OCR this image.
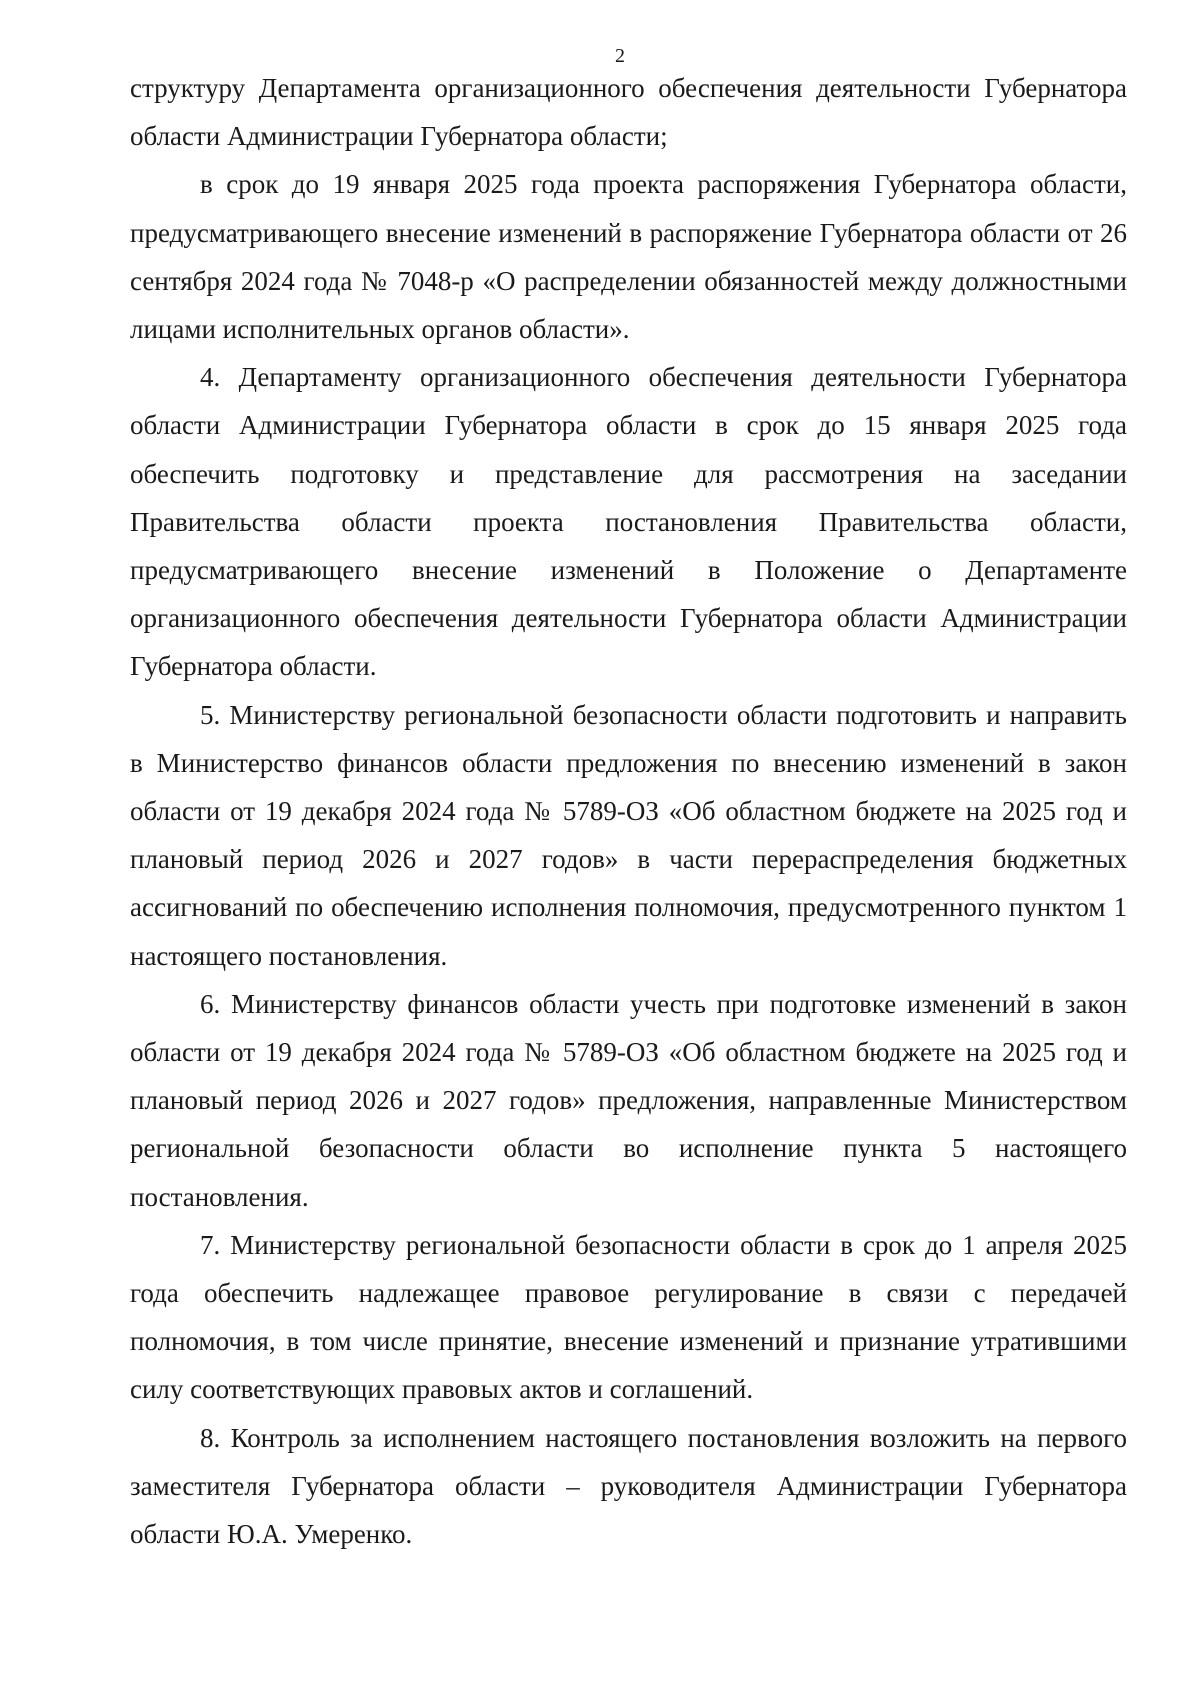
2

структуру Департамента организационного обеспечения деятельности Губернатора области Администрации Губернатора области;

в срок до 19 января 2025 года проекта распоряжения Губернатора области, предусматривающего внесение изменений в распоряжение Губернатора области от 26 сентября 2024 года № 7048-р «О распределении обязанностей между должностными лицами исполнительных органов области».

4. Департаменту организационного обеспечения деятельности Губернатора области Администрации Губернатора области в срок до 15 января 2025 года обеспечить подготовку и представление для рассмотрения на заседании Правительства области проекта постановления Правительства области, предусматривающего внесение изменений в Положение о Департаменте организационного обеспечения деятельности Губернатора области Администрации Губернатора области.

5. Министерству региональной безопасности области подготовить и направить в Министерство финансов области предложения по внесению изменений в закон области от 19 декабря 2024 года № 5789-ОЗ «Об областном бюджете на 2025 год и плановый период 2026 и 2027 годов» в части перераспределения бюджетных ассигнований по обеспечению исполнения полномочия, предусмотренного пунктом 1 настоящего постановления.

6. Министерству финансов области учесть при подготовке изменений в закон области от 19 декабря 2024 года № 5789-ОЗ «Об областном бюджете на 2025 год и плановый период 2026 и 2027 годов» предложения, направленные Министерством региональной безопасности области во исполнение пункта 5 настоящего постановления.

7. Министерству региональной безопасности области в срок до 1 апреля 2025 года обеспечить надлежащее правовое регулирование в связи с передачей полномочия, в том числе принятие, внесение изменений и признание утратившими силу соответствующих правовых актов и соглашений.

8. Контроль за исполнением настоящего постановления возложить на первого заместителя Губернатора области – руководителя Администрации Губернатора области Ю.А. Умеренко.
